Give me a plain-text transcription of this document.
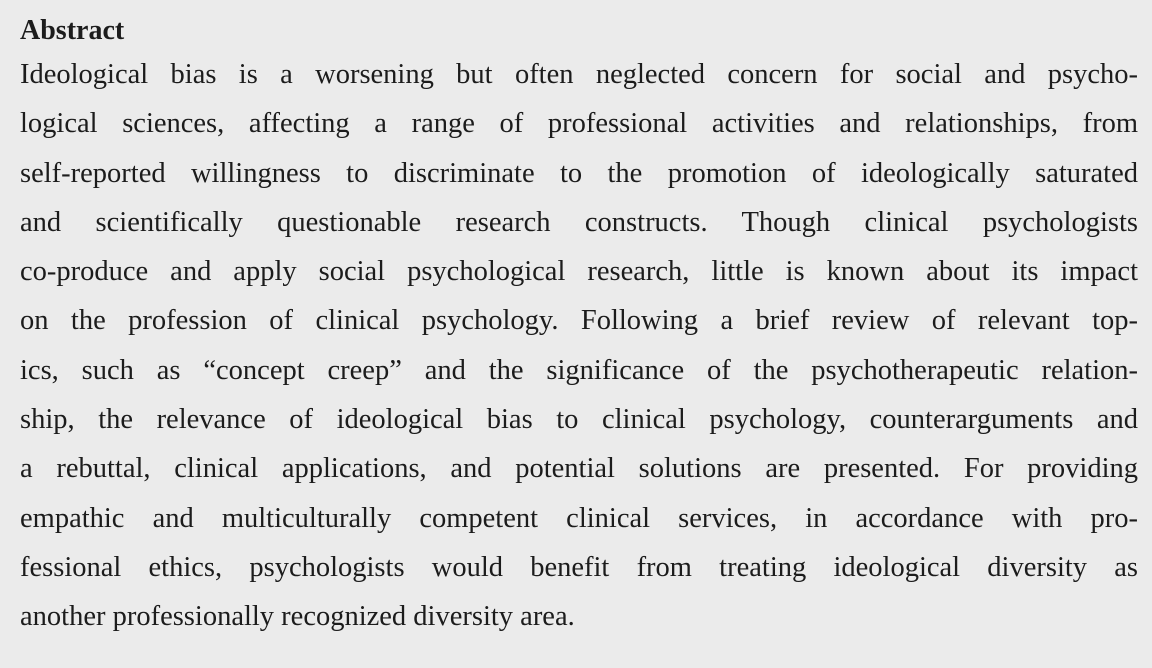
Abstract
Ideological bias is a worsening but often neglected concern for social and psycho-
logical sciences, affecting a range of professional activities and relationships, from
self-reported willingness to discriminate to the promotion of ideologically saturated
and scientifically questionable research constructs. Though clinical psychologists
co-produce and apply social psychological research, little is known about its impact
on the profession of clinical psychology. Following a brief review of relevant top-
ics, such as “concept creep” and the significance of the psychotherapeutic relation-
ship, the relevance of ideological bias to clinical psychology, counterarguments and
a rebuttal, clinical applications, and potential solutions are presented. For providing
empathic and multiculturally competent clinical services, in accordance with pro-
fessional ethics, psychologists would benefit from treating ideological diversity as
another professionally recognized diversity area.
